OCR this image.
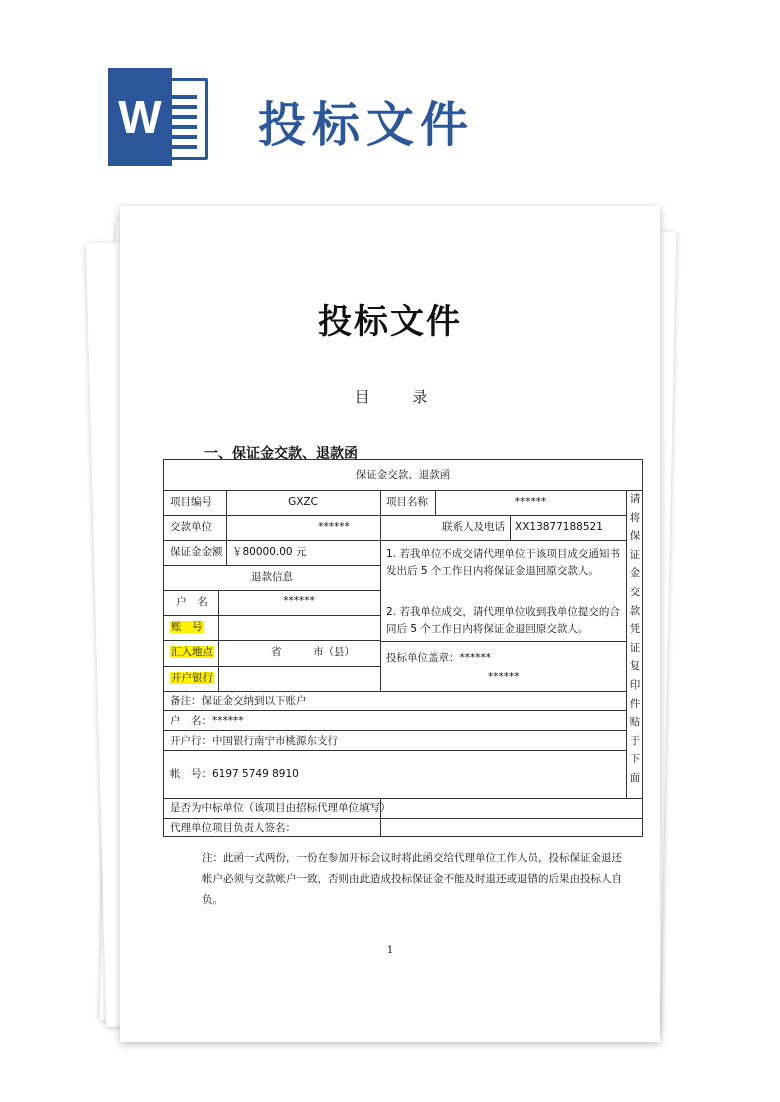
W 投标文件
投标文件
目 录
一、保证金交款、退款函
保证金交款、退款函
项目编号	GXZC	项目名称	******
交款单位	******	联系人及电话 XX13877188521
保证金金额 ￥80000.00 元
退款信息
户　名	******
账　号
汇入地点	省　　　市（县）
开户银行
1. 若我单位不成交请代理单位于该项目成交通知书发出后 5 个工作日内将保证金退回原交款人。
2. 若我单位成交，请代理单位收到我单位提交的合同后 5 个工作日内将保证金退回原交款人。
投标单位盖章：******
******
备注：保证金交纳到以下账户
户　名：******
开户行：中国银行南宁市桃源东支行
帐　号：6197 5749 8910
是否为中标单位（该项目由招标代理单位填写）
代理单位项目负责人签名：
请将保证金交款凭证复印件贴于下面
注：此函一式两份，一份在参加开标会议时将此函交给代理单位工作人员，投标保证金退还帐户必须与交款帐户一致，否则由此造成投标保证金不能及时退还或退错的后果由投标人自负。
1
